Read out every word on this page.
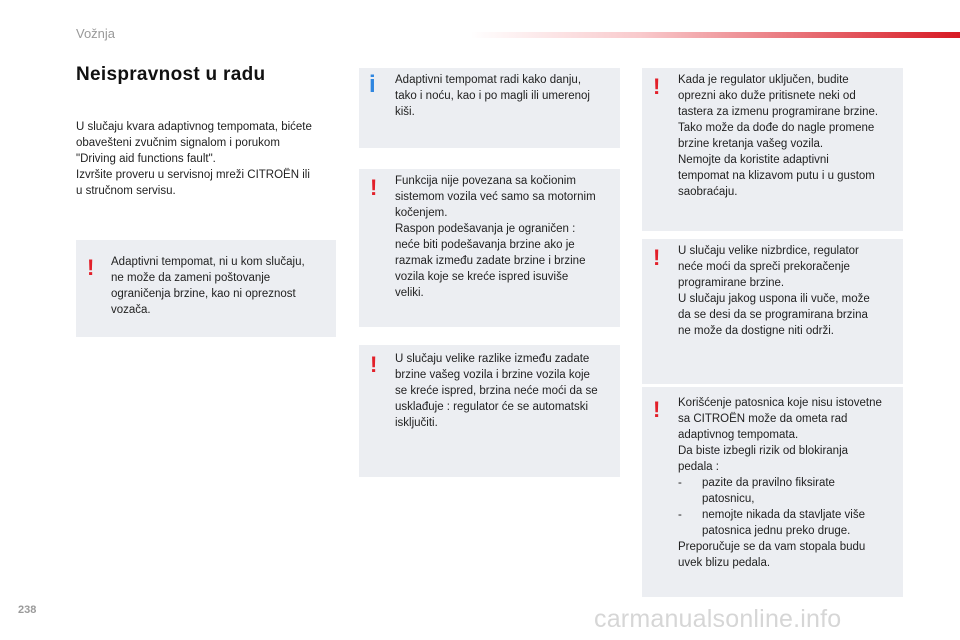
Vožnja
Neispravnost u radu
U slučaju kvara adaptivnog tempomata, bićete
obavešteni zvučnim signalom i porukom
"Driving aid functions fault".
Izvršite proveru u servisnoj mreži CITROËN ili
u stručnom servisu.
! Adaptivni tempomat, ni u kom slučaju,
ne može da zameni poštovanje
ograničenja brzine, kao ni opreznost
vozača.
i Adaptivni tempomat radi kako danju,
tako i noću, kao i po magli ili umerenoj
kiši.
! Funkcija nije povezana sa kočionim
sistemom vozila već samo sa motornim
kočenjem.
Raspon podešavanja je ograničen :
neće biti podešavanja brzine ako je
razmak između zadate brzine i brzine
vozila koje se kreće ispred isuviše
veliki.
! U slučaju velike razlike između zadate
brzine vašeg vozila i brzine vozila koje
se kreće ispred, brzina neće moći da se
usklađuje : regulator će se automatski
isključiti.
! Kada je regulator uključen, budite
oprezni ako duže pritisnete neki od
tastera za izmenu programirane brzine.
Tako može da dođe do nagle promene
brzine kretanja vašeg vozila.
Nemojte da koristite adaptivni
tempomat na klizavom putu i u gustom
saobraćaju.
! U slučaju velike nizbrdice, regulator
neće moći da spreči prekoračenje
programirane brzine.
U slučaju jakog uspona ili vuče, može
da se desi da se programirana brzina
ne može da dostigne niti održi.
! Korišćenje patosnica koje nisu istovetne
sa CITROËN može da ometa rad
adaptivnog tempomata.
Da biste izbegli rizik od blokiranja
pedala :
-	pazite da pravilno fiksirate
patosnicu,
-	nemojte nikada da stavljate više
patosnica jednu preko druge.
Preporučuje se da vam stopala budu
uvek blizu pedala.
238	carmanualsonline.info
